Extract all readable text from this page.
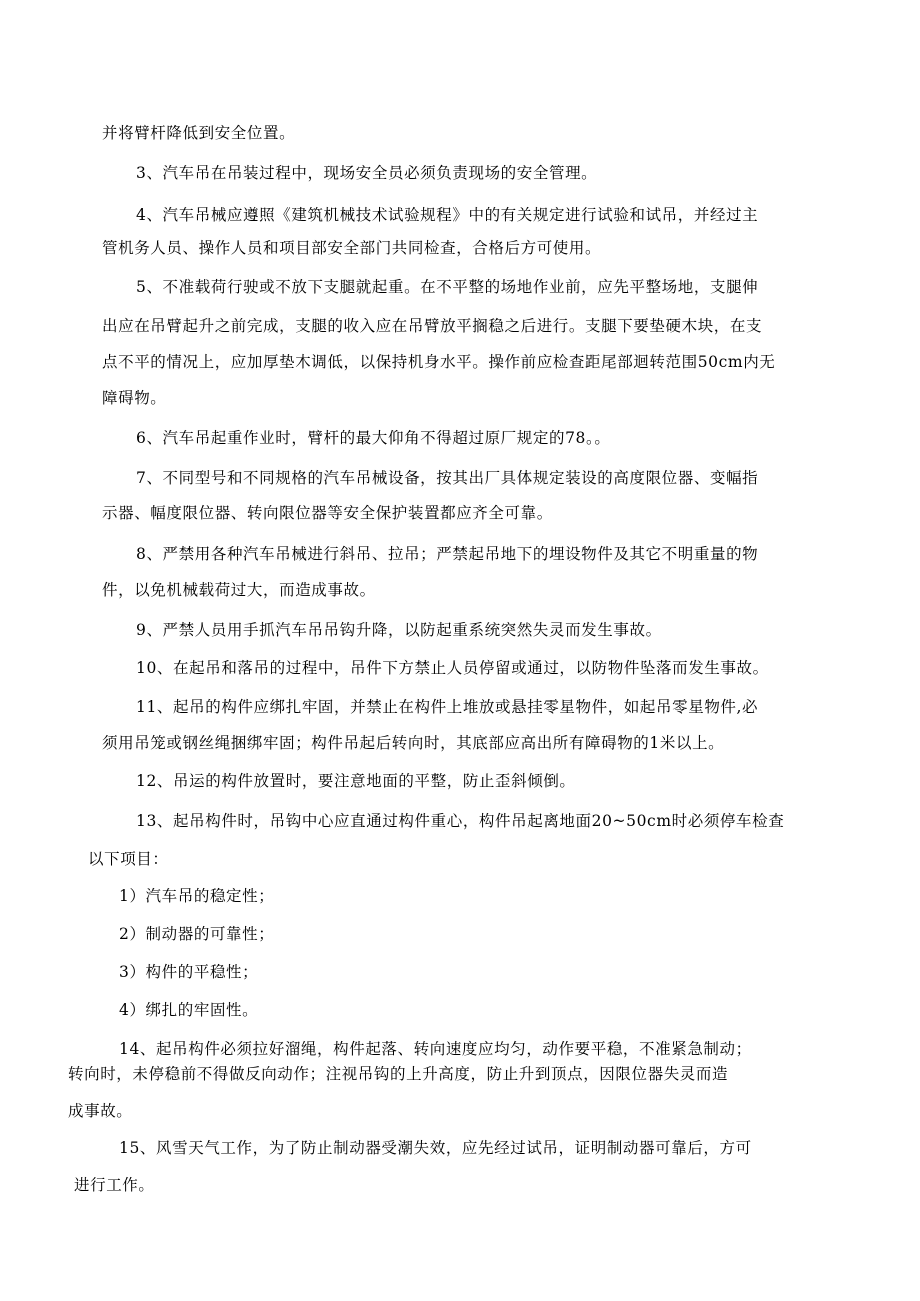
并将臂杆降低到安全位置。

3、汽车吊在吊装过程中，现场安全员必须负责现场的安全管理。

4、汽车吊械应遵照《建筑机械技术试验规程》中的有关规定进行试验和试吊，并经过主

管机务人员、操作人员和项目部安全部门共同检查，合格后方可使用。

5、不准载荷行驶或不放下支腿就起重。在不平整的场地作业前，应先平整场地，支腿伸

出应在吊臂起升之前完成，支腿的收入应在吊臂放平搁稳之后进行。支腿下要垫硬木块，在支

点不平的情况上，应加厚垫木调低，以保持机身水平。操作前应检查距尾部迴转范围50cm内无

障碍物。

6、汽车吊起重作业时，臂杆的最大仰角不得超过原厂规定的78。。

7、不同型号和不同规格的汽车吊械设备，按其出厂具体规定装设的高度限位器、变幅指

示器、幅度限位器、转向限位器等安全保护装置都应齐全可靠。

8、严禁用各种汽车吊械进行斜吊、拉吊；严禁起吊地下的埋设物件及其它不明重量的物

件，以免机械载荷过大，而造成事故。

9、严禁人员用手抓汽车吊吊钩升降，以防起重系统突然失灵而发生事故。

10、在起吊和落吊的过程中，吊件下方禁止人员停留或通过，以防物件坠落而发生事故。

11、起吊的构件应绑扎牢固，并禁止在构件上堆放或悬挂零星物件，如起吊零星物件,必

须用吊笼或钢丝绳捆绑牢固；构件吊起后转向时，其底部应高出所有障碍物的1米以上。

12、吊运的构件放置时，要注意地面的平整，防止歪斜倾倒。

13、起吊构件时，吊钩中心应直通过构件重心，构件吊起离地面20~50cm时必须停车检查

以下项目：

1）汽车吊的稳定性；

2）制动器的可靠性；

3）构件的平稳性；

4）绑扎的牢固性。

14、起吊构件必须拉好溜绳，构件起落、转向速度应均匀，动作要平稳，不准紧急制动；

转向时，未停稳前不得做反向动作；注视吊钩的上升高度，防止升到顶点，因限位器失灵而造

成事故。

15、风雪天气工作，为了防止制动器受潮失效，应先经过试吊，证明制动器可靠后，方可

进行工作。
